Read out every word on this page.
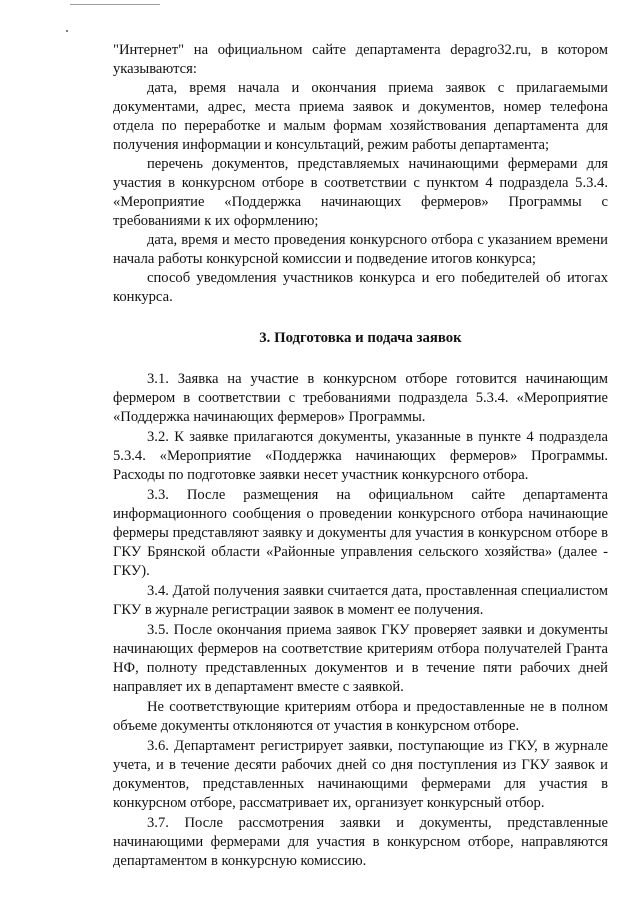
"Интернет" на официальном сайте департамента depagro32.ru, в котором указываются:

дата, время начала и окончания приема заявок с прилагаемыми документами, адрес, места приема заявок и документов, номер телефона отдела по переработке и малым формам хозяйствования департамента для получения информации и консультаций, режим работы департамента;

перечень документов, представляемых начинающими фермерами для участия в конкурсном отборе в соответствии с пунктом 4 подраздела 5.3.4. «Мероприятие «Поддержка начинающих фермеров» Программы с требованиями к их оформлению;

дата, время и место проведения конкурсного отбора с указанием времени начала работы конкурсной комиссии и подведение итогов конкурса;

способ уведомления участников конкурса и его победителей об итогах конкурса.

3. Подготовка и подача заявок

3.1. Заявка на участие в конкурсном отборе готовится начинающим фермером в соответствии с требованиями подраздела 5.3.4. «Мероприятие «Поддержка начинающих фермеров» Программы.

3.2. К заявке прилагаются документы, указанные в пункте 4 подраздела 5.3.4. «Мероприятие «Поддержка начинающих фермеров» Программы. Расходы по подготовке заявки несет участник конкурсного отбора.

3.3. После размещения на официальном сайте департамента информационного сообщения о проведении конкурсного отбора начинающие фермеры представляют заявку и документы для участия в конкурсном отборе в ГКУ Брянской области «Районные управления сельского хозяйства» (далее - ГКУ).

3.4. Датой получения заявки считается дата, проставленная специалистом ГКУ в журнале регистрации заявок в момент ее получения.

3.5. После окончания приема заявок ГКУ проверяет заявки и документы начинающих фермеров на соответствие критериям отбора получателей Гранта НФ, полноту представленных документов и в течение пяти рабочих дней направляет их в департамент вместе с заявкой.

Не соответствующие критериям отбора и предоставленные не в полном объеме документы отклоняются от участия в конкурсном отборе.

3.6. Департамент регистрирует заявки, поступающие из ГКУ, в журнале учета, и в течение десяти рабочих дней со дня поступления из ГКУ заявок и документов, представленных начинающими фермерами для участия в конкурсном отборе, рассматривает их, организует конкурсный отбор.

3.7. После рассмотрения заявки и документы, представленные начинающими фермерами для участия в конкурсном отборе, направляются департаментом в конкурсную комиссию.
